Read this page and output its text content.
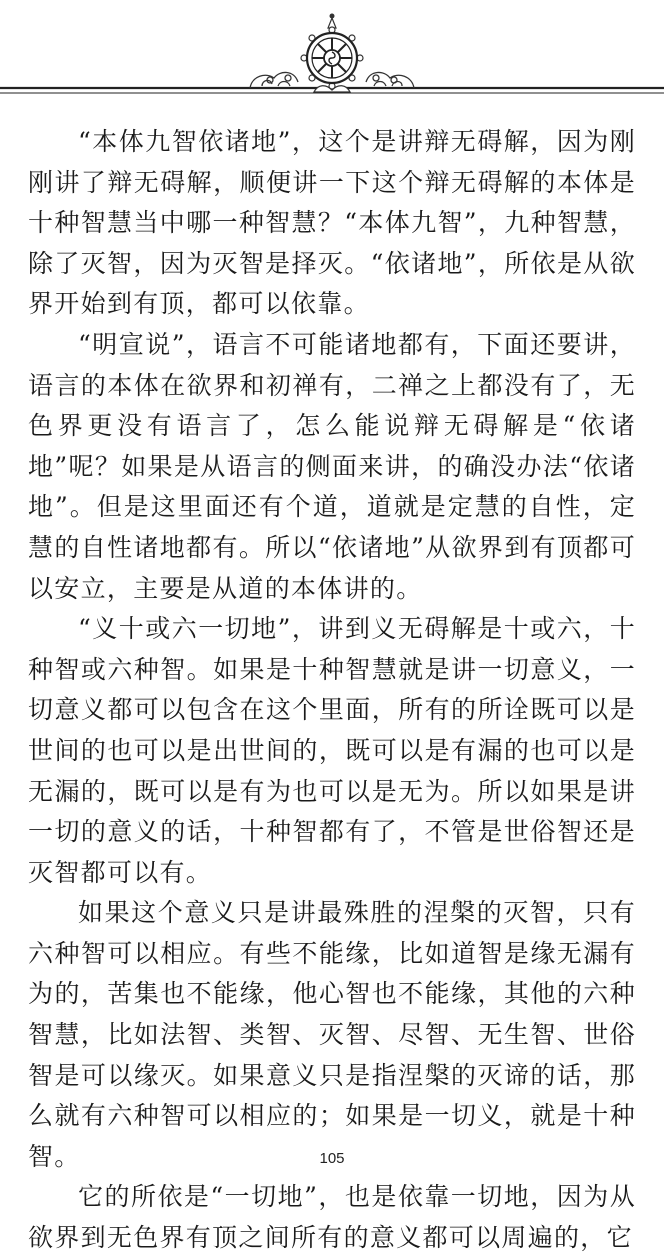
“本体九智依诸地”，这个是讲辩无碍解，因为刚刚讲了辩无碍解，顺便讲一下这个辩无碍解的本体是十种智慧当中哪一种智慧？“本体九智”，九种智慧，除了灭智，因为灭智是择灭。“依诸地”，所依是从欲界开始到有顶，都可以依靠。

“明宣说”，语言不可能诸地都有，下面还要讲，语言的本体在欲界和初禅有，二禅之上都没有了，无色界更没有语言了，怎么能说辩无碍解是“依诸地”呢？如果是从语言的侧面来讲，的确没办法“依诸地”。但是这里面还有个道，道就是定慧的自性，定慧的自性诸地都有。所以“依诸地”从欲界到有顶都可以安立，主要是从道的本体讲的。

“义十或六一切地”，讲到义无碍解是十或六，十种智或六种智。如果是十种智慧就是讲一切意义，一切意义都可以包含在这个里面，所有的所诠既可以是世间的也可以是出世间的，既可以是有漏的也可以是无漏的，既可以是有为也可以是无为。所以如果是讲一切的意义的话，十种智都有了，不管是世俗智还是灭智都可以有。

如果这个意义只是讲最殊胜的涅槃的灭智，只有六种智可以相应。有些不能缘，比如道智是缘无漏有为的，苦集也不能缘，他心智也不能缘，其他的六种智慧，比如法智、类智、灭智、尽智、无生智、世俗智是可以缘灭。如果意义只是指涅槃的灭谛的话，那么就有六种智可以相应的；如果是一切义，就是十种智。

它的所依是“一切地”，也是依靠一切地，因为从欲界到无色界有顶之间所有的意义都可以周遍的，它

105
